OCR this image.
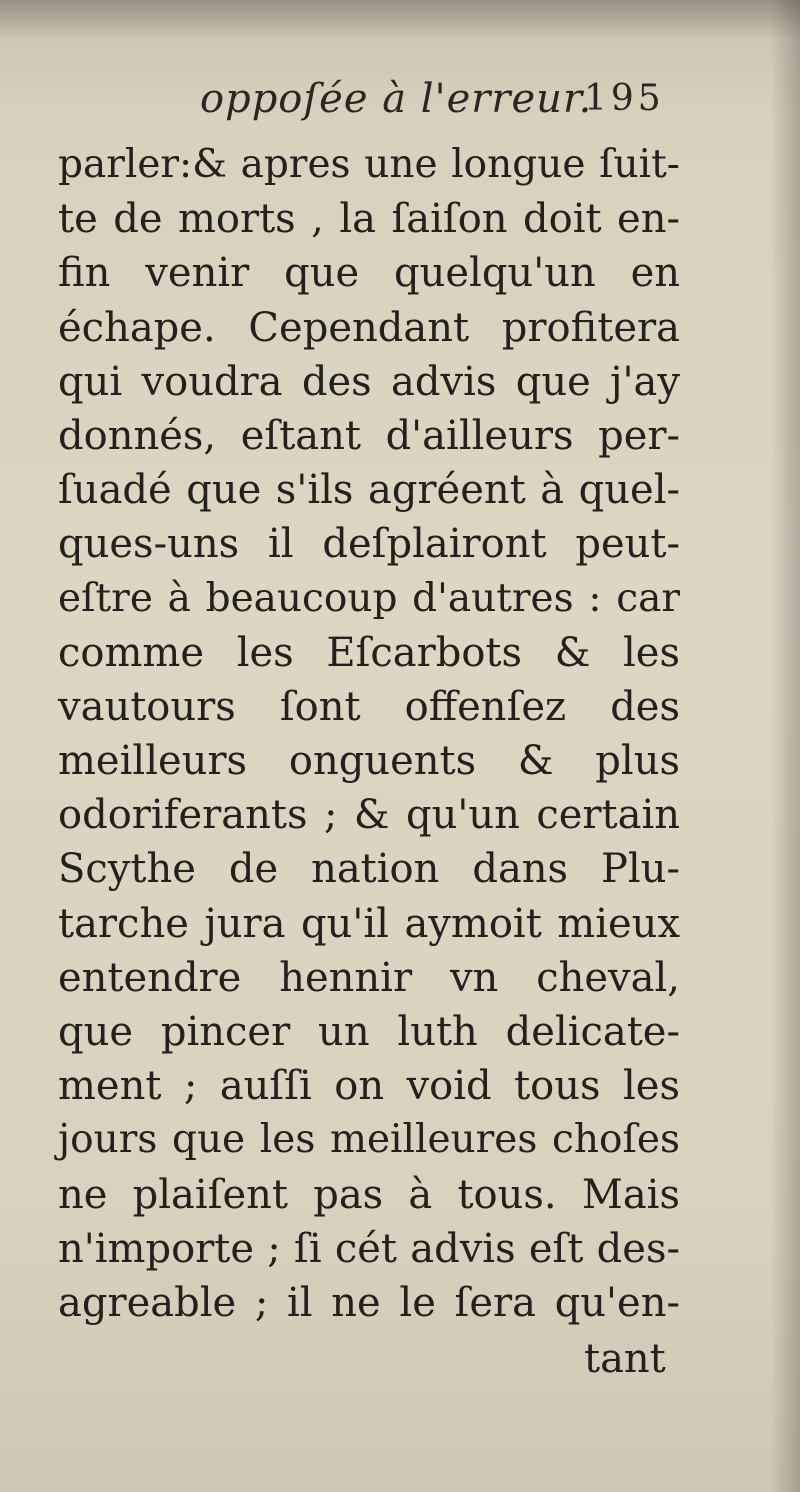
oppoſée à l'erreur.
195
parler:& apres une longue ſuit-
te de morts , la ſaiſon doit en-
fin venir que quelqu'un en
échape. Cependant profitera
qui voudra des advis que j'ay
donnés, eſtant d'ailleurs per-
ſuadé que s'ils agréent à quel-
ques-uns il deſplairont peut-
eſtre à beaucoup d'autres : car
comme les Eſcarbots & les
vautours ſont offenſez des
meilleurs onguents & plus
odoriferants ; & qu'un certain
Scythe de nation dans Plu-
tarche jura qu'il aymoit mieux
entendre hennir vn cheval,
que pincer un luth delicate-
ment ; auſſi on void tous les
jours que les meilleures choſes
ne plaiſent pas à tous. Mais
n'importe ; ſi cét advis eſt des-
agreable ; il ne le ſera qu'en-
tant
